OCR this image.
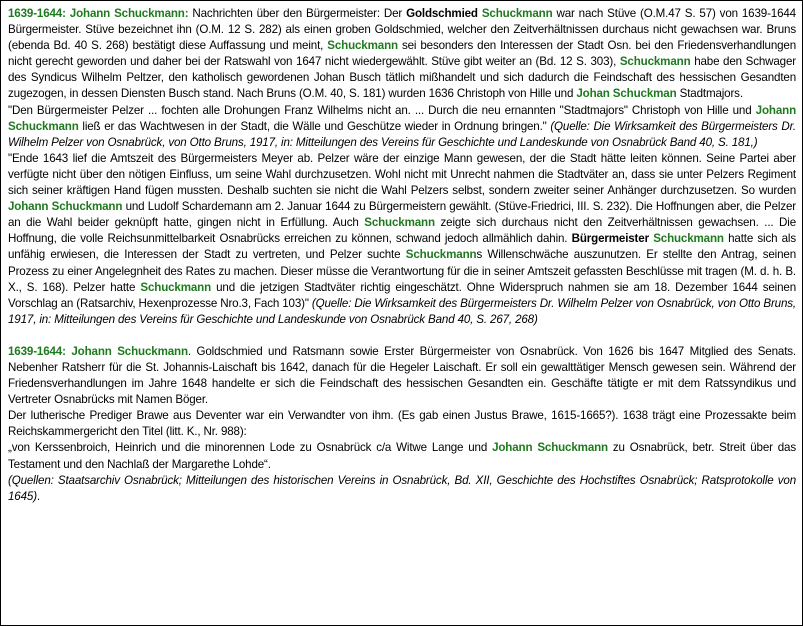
1639-1644: Johann Schuckmann: Nachrichten über den Bürgermeister: Der Goldschmied Schuckmann war nach Stüve (O.M.47 S. 57) von 1639-1644 Bürgermeister. Stüve bezeichnet ihn (O.M. 12 S. 282) als einen groben Goldschmied, welcher den Zeitverhältnissen durchaus nicht gewachsen war. Bruns (ebenda Bd. 40 S. 268) bestätigt diese Auffassung und meint, Schuckmann sei besonders den Interessen der Stadt Osn. bei den Friedensverhandlungen nicht gerecht geworden und daher bei der Ratswahl von 1647 nicht wiedergewählt. Stüve gibt weiter an (Bd. 12 S. 303), Schuckmann habe den Schwager des Syndicus Wilhelm Peltzer, den katholisch gewordenen Johan Busch tätlich mißhandelt und sich dadurch die Feindschaft des hessischen Gesandten zugezogen, in dessen Diensten Busch stand. Nach Bruns (O.M. 40, S. 181) wurden 1636 Christoph von Hille und Johan Schuckman Stadtmajors.

"Den Bürgermeister Pelzer ... fochten alle Drohungen Franz Wilhelms nicht an. ... Durch die neu ernannten "Stadtmajors" Christoph von Hille und Johann Schuckmann ließ er das Wachtwesen in der Stadt, die Wälle und Geschütze wieder in Ordnung bringen." (Quelle: Die Wirksamkeit des Bürgermeisters Dr. Wilhelm Pelzer von Osnabrück, von Otto Bruns, 1917, in: Mitteilungen des Vereins für Geschichte und Landeskunde von Osnabrück Band 40, S. 181,)

"Ende 1643 lief die Amtszeit des Bürgermeisters Meyer ab. Pelzer wäre der einzige Mann gewesen, der die Stadt hätte leiten können. Seine Partei aber verfügte nicht über den nötigen Einfluss, um seine Wahl durchzusetzen. Wohl nicht mit Unrecht nahmen die Stadtväter an, dass sie unter Pelzers Regiment sich seiner kräftigen Hand fügen mussten. Deshalb suchten sie nicht die Wahl Pelzers selbst, sondern zweiter seiner Anhänger durchzusetzen. So wurden Johann Schuckmann und Ludolf Schardemann am 2. Januar 1644 zu Bürgermeistern gewählt. (Stüve-Friedrici, III. S. 232). Die Hoffnungen aber, die Pelzer an die Wahl beider geknüpft hatte, gingen nicht in Erfüllung. Auch Schuckmann zeigte sich durchaus nicht den Zeitverhältnissen gewachsen. ... Die Hoffnung, die volle Reichsunmittelbarkeit Osnabrücks erreichen zu können, schwand jedoch allmählich dahin. Bürgermeister Schuckmann hatte sich als unfähig erwiesen, die Interessen der Stadt zu vertreten, und Pelzer suchte Schuckmanns Willenschwäche auszunutzen. Er stellte den Antrag, seinen Prozess zu einer Angelegnheit des Rates zu machen. Dieser müsse die Verantwortung für die in seiner Amtszeit gefassten Beschlüsse mit tragen (M. d. h. B. X., S. 168). Pelzer hatte Schuckmann und die jetzigen Stadtväter richtig eingeschätzt. Ohne Widerspruch nahmen sie am 18. Dezember 1644 seinen Vorschlag an (Ratsarchiv, Hexenprozesse Nro.3, Fach 103)" (Quelle: Die Wirksamkeit des Bürgermeisters Dr. Wilhelm Pelzer von Osnabrück, von Otto Bruns, 1917, in: Mitteilungen des Vereins für Geschichte und Landeskunde von Osnabrück Band 40, S. 267, 268)

1639-1644: Johann Schuckmann. Goldschmied und Ratsmann sowie Erster Bürgermeister von Osnabrück. Von 1626 bis 1647 Mitglied des Senats. Nebenher Ratsherr für die St. Johannis-Laischaft bis 1642, danach für die Hegeler Laischaft. Er soll ein gewalttätiger Mensch gewesen sein. Während der Friedensverhandlungen im Jahre 1648 handelte er sich die Feindschaft des hessischen Gesandten ein. Geschäfte tätigte er mit dem Ratssyndikus und Vertreter Osnabrücks mit Namen Böger.

Der lutherische Prediger Brawe aus Deventer war ein Verwandter von ihm. (Es gab einen Justus Brawe, 1615-1665?). 1638 trägt eine Prozessakte beim Reichskammergericht den Titel (litt. K., Nr. 988):

„von Kerssenbroich, Heinrich und die minorennen Lode zu Osnabrück c/a Witwe Lange und Johann Schuckmann zu Osnabrück, betr. Streit über das Testament und den Nachlaß der Margarethe Lohde“.

(Quellen: Staatsarchiv Osnabrück; Mitteilungen des historischen Vereins in Osnabrück, Bd. XII, Geschichte des Hochstiftes Osnabrück; Ratsprotokolle von 1645).
